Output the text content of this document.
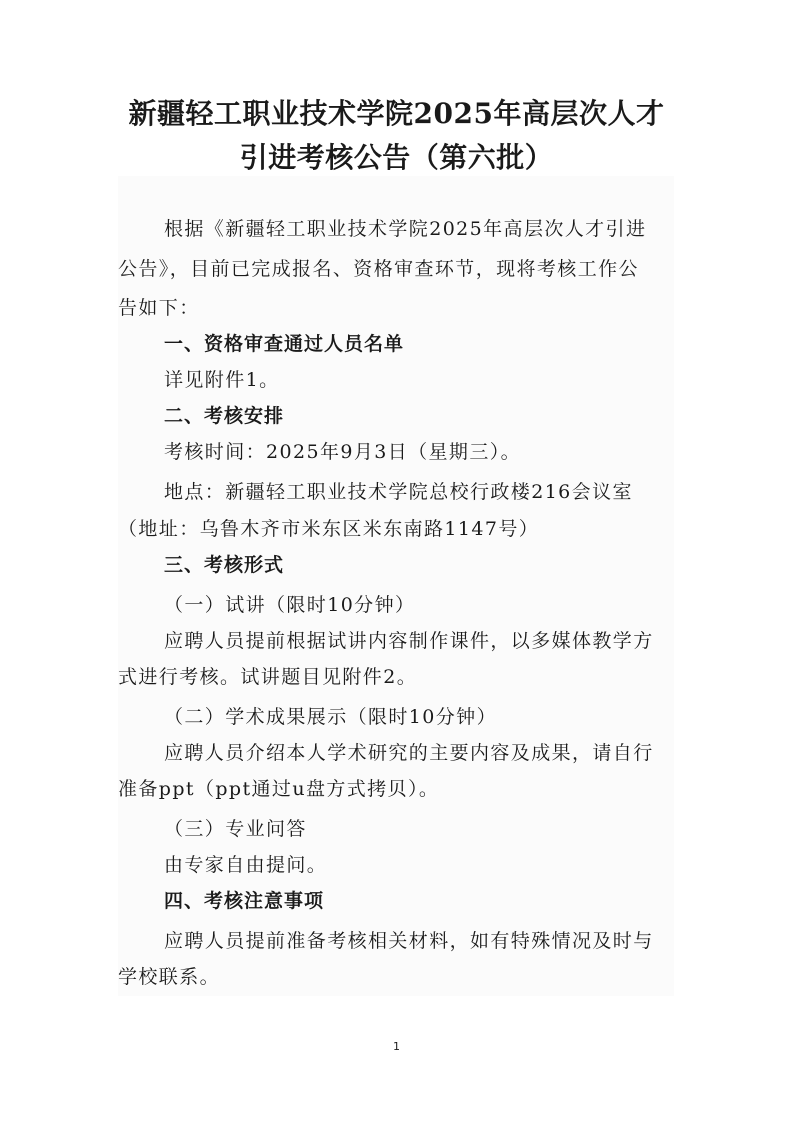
新疆轻工职业技术学院2025年高层次人才
引进考核公告（第六批）
根据《新疆轻工职业技术学院2025年高层次人才引进
公告》，目前已完成报名、资格审查环节，现将考核工作公
告如下：
一、资格审查通过人员名单
详见附件1。
二、考核安排
考核时间：2025年9月3日（星期三）。
地点：新疆轻工职业技术学院总校行政楼216会议室
（地址：乌鲁木齐市米东区米东南路1147号）
三、考核形式
（一）试讲（限时10分钟）
应聘人员提前根据试讲内容制作课件，以多媒体教学方
式进行考核。试讲题目见附件2。
（二）学术成果展示（限时10分钟）
应聘人员介绍本人学术研究的主要内容及成果，请自行
准备ppt（ppt通过u盘方式拷贝）。
（三）专业问答
由专家自由提问。
四、考核注意事项
应聘人员提前准备考核相关材料，如有特殊情况及时与
学校联系。
1
